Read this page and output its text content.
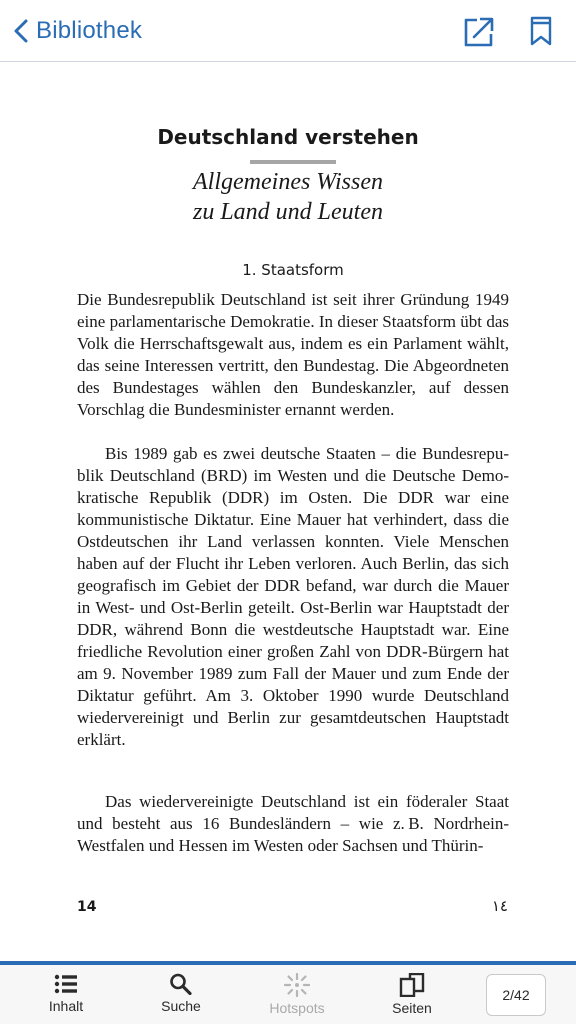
Bibliothek
Deutschland verstehen
Allgemeines Wissen
zu Land und Leuten
1. Staatsform

Die Bundesrepublik Deutschland ist seit ihrer Gründung 1949 eine parlamentarische Demokratie. In dieser Staatsform übt das Volk die Herrschaftsgewalt aus, indem es ein Parlament wählt, das seine Interessen vertritt, den Bundestag. Die Abgeordneten des Bundestages wählen den Bundeskanzler, auf dessen Vorschlag die Bundesminister ernannt werden.

Bis 1989 gab es zwei deutsche Staaten – die Bundesrepublik Deutschland (BRD) im Westen und die Deutsche Demokratische Republik (DDR) im Osten. Die DDR war eine kommunistische Diktatur. Eine Mauer hat verhindert, dass die Ostdeutschen ihr Land verlassen konnten. Viele Menschen haben auf der Flucht ihr Leben verloren. Auch Berlin, das sich geografisch im Gebiet der DDR befand, war durch die Mauer in West- und Ost-Berlin geteilt. Ost-Berlin war Hauptstadt der DDR, während Bonn die westdeutsche Hauptstadt war. Eine friedliche Revolution einer großen Zahl von DDR-Bürgern hat am 9. November 1989 zum Fall der Mauer und zum Ende der Diktatur geführt. Am 3. Oktober 1990 wurde Deutschland wiedervereinigt und Berlin zur gesamtdeutschen Hauptstadt erklärt.

Das wiedervereinigte Deutschland ist ein föderaler Staat und besteht aus 16 Bundesländern – wie z. B. Nordrhein-Westfalen und Hessen im Westen oder Sachsen und Thürin-

14	١٤
Inhalt	Suche	Hotspots	Seiten
2/42
